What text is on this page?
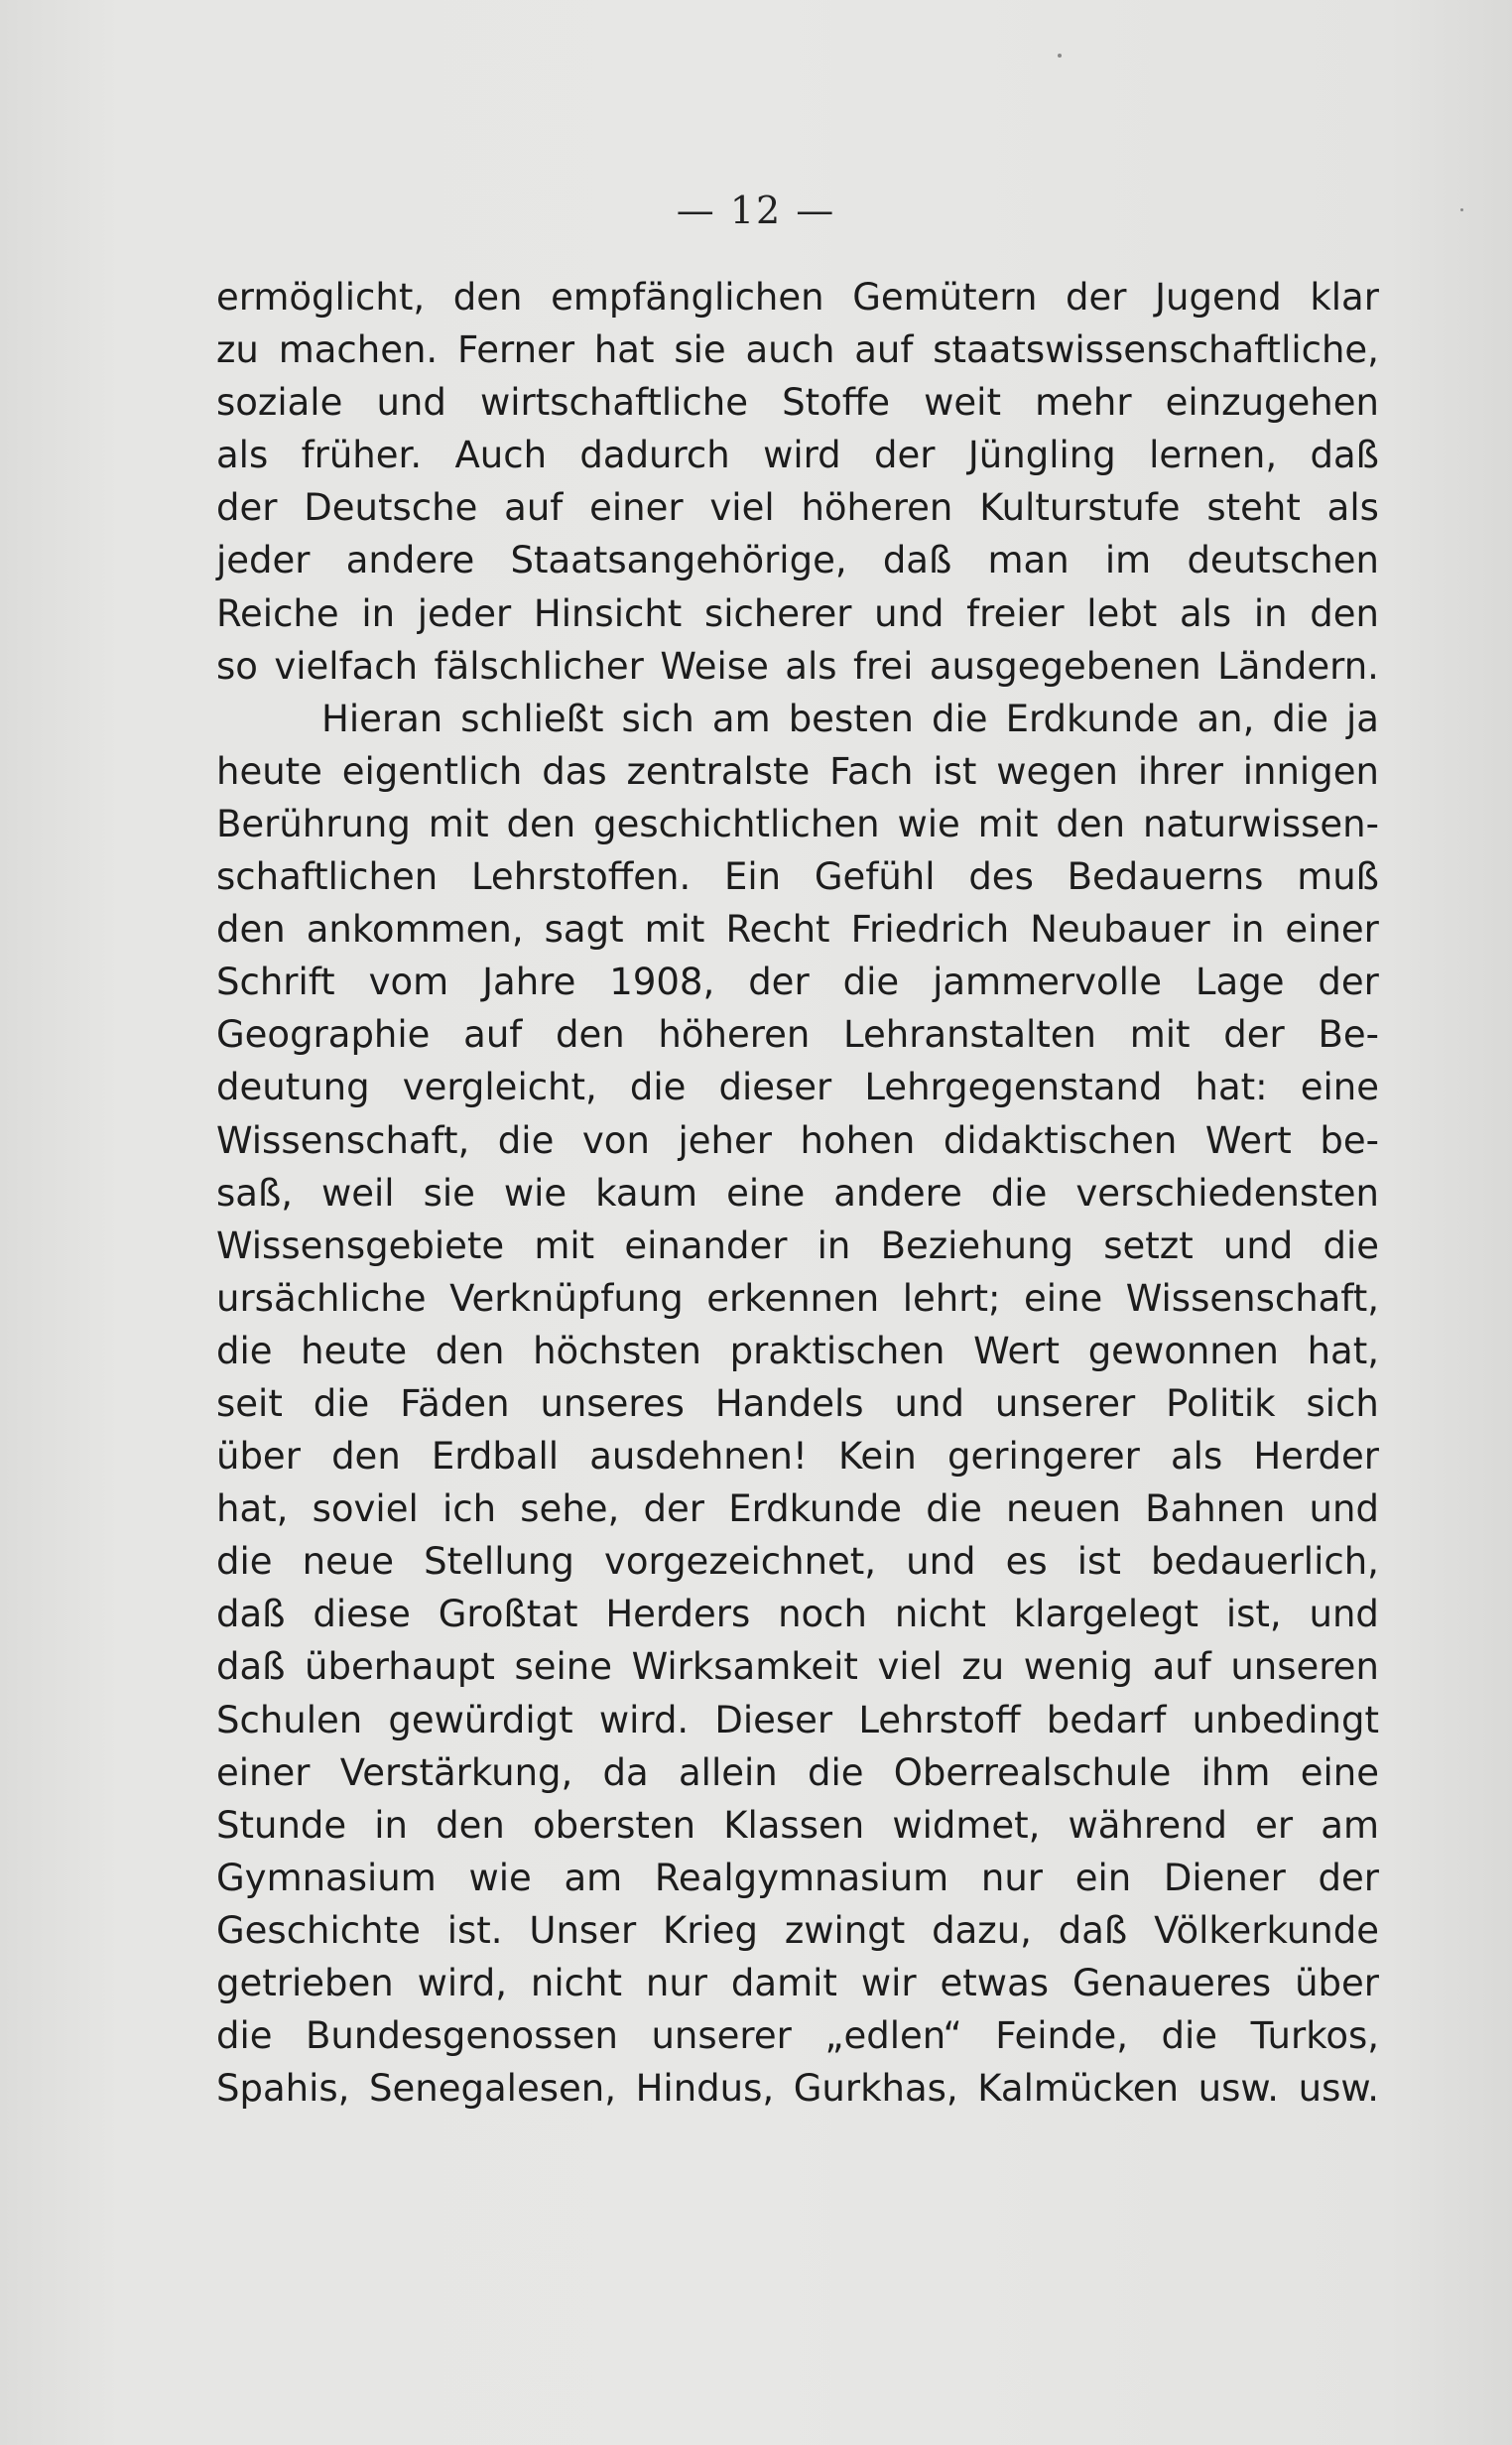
— 12 —
ermöglicht, den empfänglichen Gemütern der Jugend klar
zu machen. Ferner hat sie auch auf staatswissenschaftliche,
soziale und wirtschaftliche Stoffe weit mehr einzugehen
als früher. Auch dadurch wird der Jüngling lernen, daß
der Deutsche auf einer viel höheren Kulturstufe steht als
jeder andere Staatsangehörige, daß man im deutschen
Reiche in jeder Hinsicht sicherer und freier lebt als in den
so vielfach fälschlicher Weise als frei ausgegebenen Ländern.
Hieran schließt sich am besten die Erdkunde an, die ja
heute eigentlich das zentralste Fach ist wegen ihrer innigen
Berührung mit den geschichtlichen wie mit den naturwissen-
schaftlichen Lehrstoffen. Ein Gefühl des Bedauerns muß
den ankommen, sagt mit Recht Friedrich Neubauer in einer
Schrift vom Jahre 1908, der die jammervolle Lage der
Geographie auf den höheren Lehranstalten mit der Be-
deutung vergleicht, die dieser Lehrgegenstand hat: eine
Wissenschaft, die von jeher hohen didaktischen Wert be-
saß, weil sie wie kaum eine andere die verschiedensten
Wissensgebiete mit einander in Beziehung setzt und die
ursächliche Verknüpfung erkennen lehrt; eine Wissenschaft,
die heute den höchsten praktischen Wert gewonnen hat,
seit die Fäden unseres Handels und unserer Politik sich
über den Erdball ausdehnen! Kein geringerer als Herder
hat, soviel ich sehe, der Erdkunde die neuen Bahnen und
die neue Stellung vorgezeichnet, und es ist bedauerlich,
daß diese Großtat Herders noch nicht klargelegt ist, und
daß überhaupt seine Wirksamkeit viel zu wenig auf unseren
Schulen gewürdigt wird. Dieser Lehrstoff bedarf unbedingt
einer Verstärkung, da allein die Oberrealschule ihm eine
Stunde in den obersten Klassen widmet, während er am
Gymnasium wie am Realgymnasium nur ein Diener der
Geschichte ist. Unser Krieg zwingt dazu, daß Völkerkunde
getrieben wird, nicht nur damit wir etwas Genaueres über
die Bundesgenossen unserer „edlen“ Feinde, die Turkos,
Spahis, Senegalesen, Hindus, Gurkhas, Kalmücken usw. usw.
